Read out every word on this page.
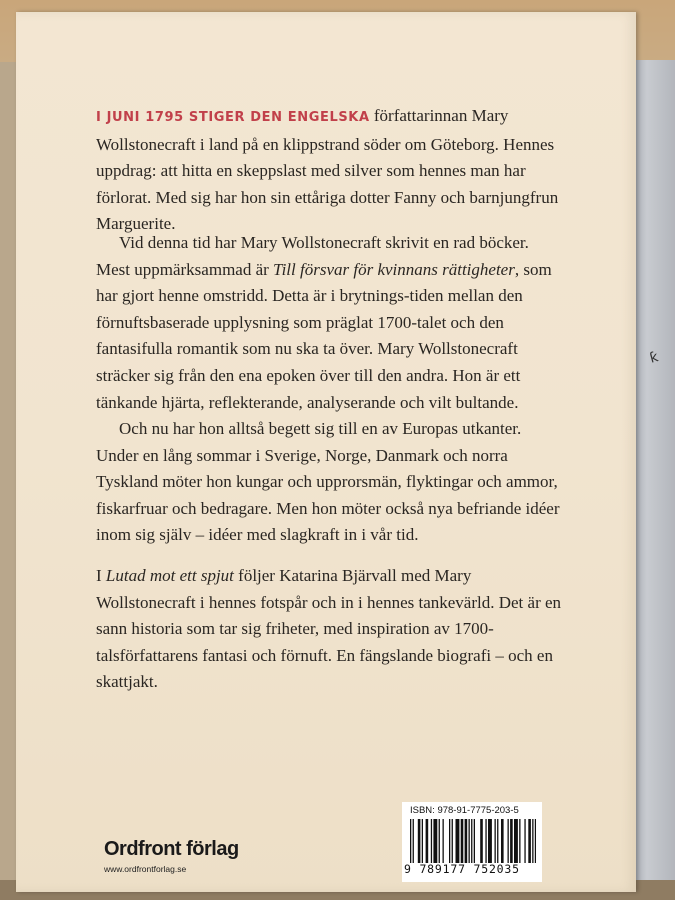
ƙ

I JUNI 1795 STIGER DEN ENGELSKA författarinnan Mary Wollstonecraft i land på en klippstrand söder om Göteborg. Hennes uppdrag: att hitta en skeppslast med silver som hennes man har förlorat. Med sig har hon sin ettåriga dotter Fanny och barnjungfrun Marguerite.

Vid denna tid har Mary Wollstonecraft skrivit en rad böcker. Mest uppmärksammad är Till försvar för kvinnans rättigheter, som har gjort henne omstridd. Detta är i brytnings-tiden mellan den förnuftsbaserade upplysning som präglat 1700-talet och den fantasifulla romantik som nu ska ta över. Mary Wollstonecraft sträcker sig från den ena epoken över till den andra. Hon är ett tänkande hjärta, reflekterande, analyserande och vilt bultande.

Och nu har hon alltså begett sig till en av Europas utkanter. Under en lång sommar i Sverige, Norge, Danmark och norra Tyskland möter hon kungar och upprorsmän, flyktingar och ammor, fiskarfruar och bedragare. Men hon möter också nya befriande idéer inom sig själv – idéer med slagkraft in i vår tid.

I Lutad mot ett spjut följer Katarina Bjärvall med Mary Wollstonecraft i hennes fotspår och in i hennes tankevärld. Det är en sann historia som tar sig friheter, med inspiration av 1700- talsförfattarens fantasi och förnuft. En fängslande biografi – och en skattjakt.

Ordfront förlag
www.ordfrontforlag.se
ISBN: 978-91-7775-203-5
9 789177 752035
